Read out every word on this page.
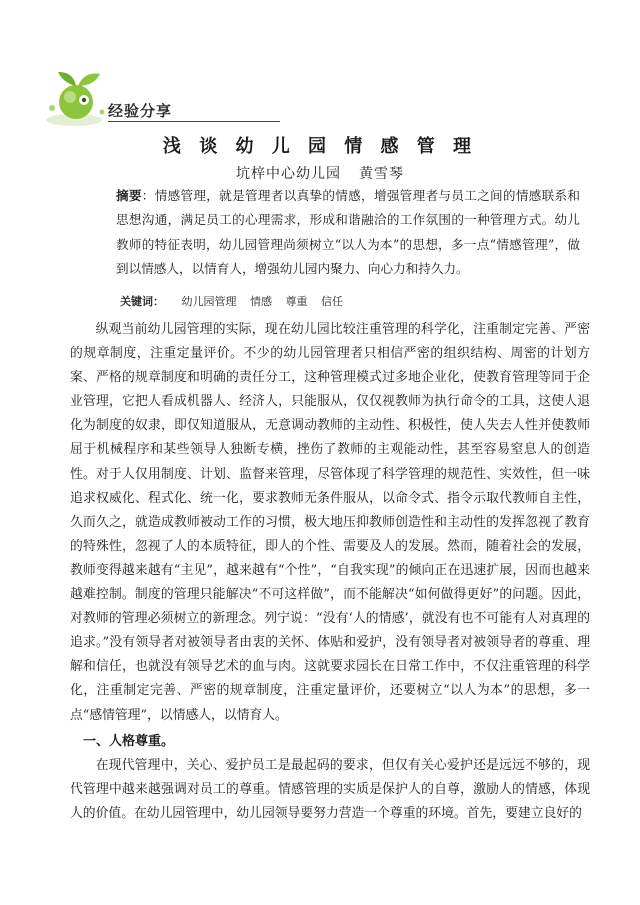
经验分享
浅 谈 幼 儿 园 情 感 管 理
坑梓中心幼儿园 黄雪琴
摘要：情感管理，就是管理者以真挚的情感，增强管理者与员工之间的情感联系和思想沟通，满足员工的心理需求，形成和谐融洽的工作氛围的一种管理方式。幼儿教师的特征表明，幼儿园管理尚须树立“以人为本”的思想，多一点“情感管理”，做到以情感人，以情育人，增强幼儿园内聚力、向心力和持久力。
关键词： 幼儿园管理 情感 尊重 信任

纵观当前幼儿园管理的实际，现在幼儿园比较注重管理的科学化，注重制定完善、严密的规章制度，注重定量评价。不少的幼儿园管理者只相信严密的组织结构、周密的计划方案、严格的规章制度和明确的责任分工，这种管理模式过多地企业化，使教育管理等同于企业管理，它把人看成机器人、经济人，只能服从，仅仅视教师为执行命令的工具，这使人退化为制度的奴隶，即仅知道服从，无意调动教师的主动性、积极性，使人失去人性并使教师屈于机械程序和某些领导人独断专横，挫伤了教师的主观能动性，甚至容易窒息人的创造性。对于人仅用制度、计划、监督来管理，尽管体现了科学管理的规范性、实效性，但一味追求权威化、程式化、统一化，要求教师无条件服从，以命令式、指令示取代教师自主性，久而久之，就造成教师被动工作的习惯，极大地压抑教师创造性和主动性的发挥忽视了教育的特殊性，忽视了人的本质特征，即人的个性、需要及人的发展。然而，随着社会的发展，教师变得越来越有“主见”，越来越有“个性”，“自我实现”的倾向正在迅速扩展，因而也越来越难控制。制度的管理只能解决“不可这样做”，而不能解决“如何做得更好”的问题。因此，对教师的管理必须树立的新理念。列宁说：“没有‘人的情感’，就没有也不可能有人对真理的追求。”没有领导者对被领导者由衷的关怀、体贴和爱护，没有领导者对被领导者的尊重、理解和信任，也就没有领导艺术的血与肉。这就要求园长在日常工作中，不仅注重管理的科学化，注重制定完善、严密的规章制度，注重定量评价，还要树立“以人为本”的思想，多一点“感情管理”，以情感人，以情育人。

一、人格尊重。

在现代管理中，关心、爱护员工是最起码的要求，但仅有关心爱护还是远远不够的，现代管理中越来越强调对员工的尊重。情感管理的实质是保护人的自尊，激励人的情感，体现人的价值。在幼儿园管理中，幼儿园领导要努力营造一个尊重的环境。首先，要建立良好的
